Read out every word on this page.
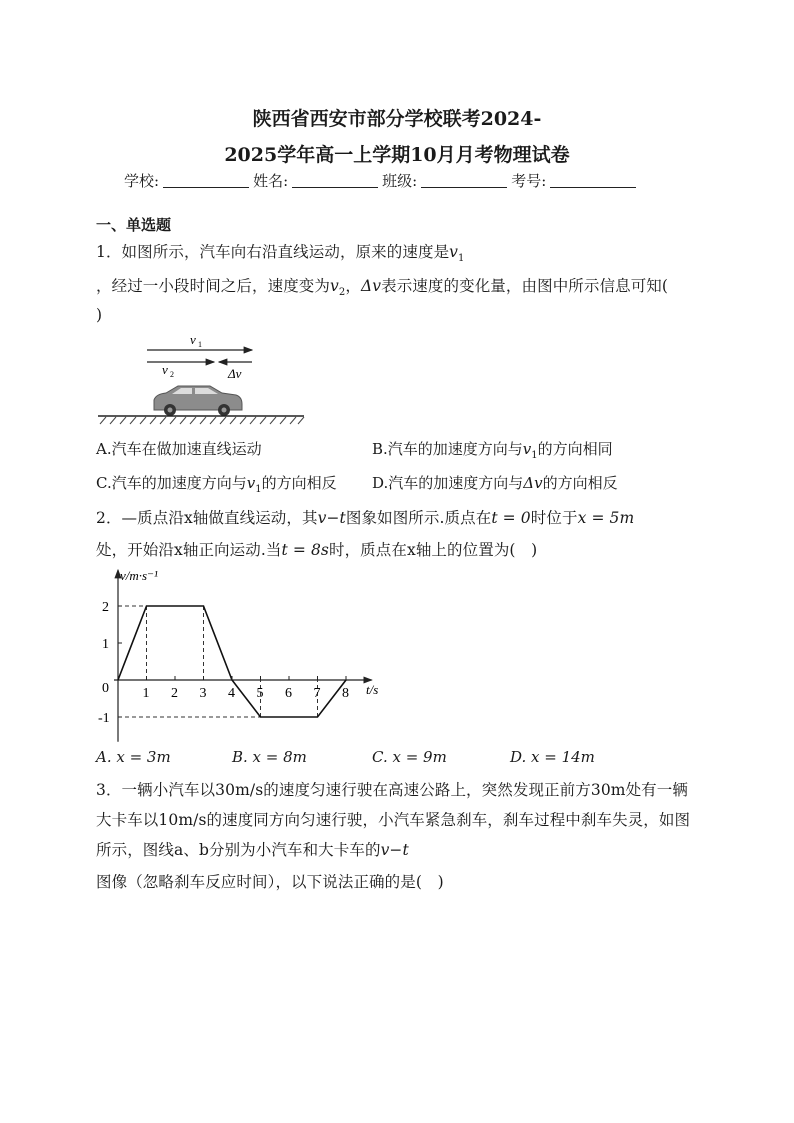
陕西省西安市部分学校联考2024-
2025学年高一上学期10月月考物理试卷
学校:	姓名:	班级:	考号:
一、单选题
1．如图所示，汽车向右沿直线运动，原来的速度是$v_1$
，经过一小段时间之后，速度变为$v_2$，Δv表示速度的变化量，由图中所示信息可知(
)
v 1
v 2	Δv
A.汽车在做加速直线运动	B.汽车的加速度方向与$v_1$的方向相同
C.汽车的加速度方向与$v_1$的方向相反 D.汽车的加速度方向与Δv的方向相反
2．—质点沿x轴做直线运动，其v−t图象如图所示.质点在t = 0时位于x = 5m
处，开始沿x轴正向运动.当t = 8s时，质点在x轴上的位置为(　)
1 2 3 4 5 6 7 8
2
1
0
-1
v/m·s⁻¹
t/s
A. x = 3m	B. x = 8m	C. x = 9m	D. x = 14m
3．一辆小汽车以30m/s的速度匀速行驶在高速公路上，突然发现正前方30m处有一辆
大卡车以10m/s的速度同方向匀速行驶，小汽车紧急刹车，刹车过程中刹车失灵，如图
所示，图线a、b分别为小汽车和大卡车的v−t
图像（忽略刹车反应时间），以下说法正确的是(　)
